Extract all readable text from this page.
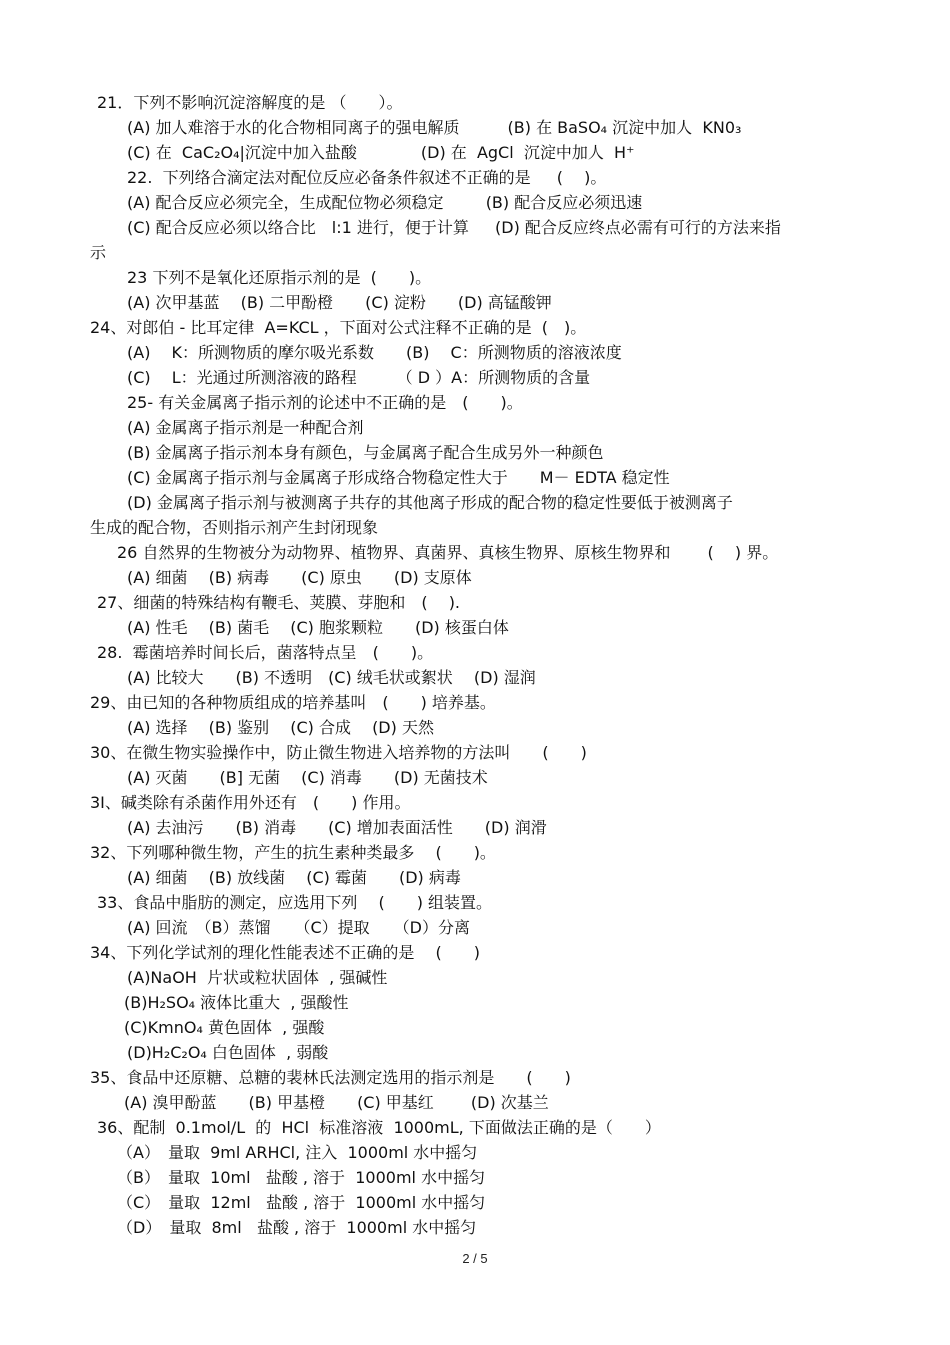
21．下列不影响沉淀溶解度的是 （　　）。
(A) 加人难溶于水的化合物相同离子的强电解质　　　(B) 在 BaSO₄ 沉淀中加人  KN0₃
(C) 在  CaC₂O₄|沉淀中加入盐酸　　　　(D) 在  AgCl  沉淀中加人  H⁺
22.  下列络合滴定法对配位反应必备条件叙述不正确的是　  (　 )。
(A) 配合反应必须完全，生成配位物必须稳定　　  (B) 配合反应必须迅速
(C) 配合反应必须以络合比　l:1 进行，便于计算　  (D) 配合反应终点必需有可行的方法来指
示
23 下列不是氧化还原指示剂的是  (　　)。
(A) 次甲基蓝　 (B) 二甲酚橙　　(C) 淀粉　　(D) 高锰酸钾
24、对郎伯 - 比耳定律  A=KCL ，下面对公式注释不正确的是  (　)。
(A)　 K：所测物质的摩尔吸光系数　　(B)　 C：所测物质的溶液浓度
(C)　 L：光通过所测溶液的路程　　　（ D ）A：所测物质的含量
25- 有关金属离子指示剂的论述中不正确的是　(　　)。
(A) 金属离子指示剂是一种配合剂
(B) 金属离子指示剂本身有颜色，与金属离子配合生成另外一种颜色
(C) 金属离子指示剂与金属离子形成络合物稳定性大于　　M－ EDTA 稳定性
(D) 金属离子指示剂与被测离子共存的其他离子形成的配合物的稳定性要低于被测离子
生成的配合物，否则指示剂产生封闭现象
26 自然界的生物被分为动物界、植物界、真菌界、真核生物界、原核生物界和　　 (　 ) 界。
(A) 细菌　 (B) 病毒　　(C) 原虫　　(D) 支原体
27、细菌的特殊结构有鞭毛、荚膜、芽胞和　(　 ).
(A) 性毛　 (B) 菌毛　 (C) 胞浆颗粒　　(D) 核蛋白体
28.  霉菌培养时间长后，菌落特点呈　(　　)。
(A) 比较大　　(B) 不透明　(C) 绒毛状或絮状　 (D) 湿润
29、由已知的各种物质组成的培养基叫　(　　) 培养基。
(A) 选择　 (B) 鉴别　 (C) 合成　 (D) 天然
30、在微生物实验操作中，防止微生物进入培养物的方法叫　　(　　)
(A) 灭菌　　(B] 无菌　 (C) 消毒　　(D) 无菌技术
3I、碱类除有杀菌作用外还有　(　　) 作用。
(A) 去油污　　(B) 消毒　　(C) 增加表面活性　　(D) 润滑
32、下列哪种微生物，产生的抗生素种类最多　 (　　)。
(A) 细菌　 (B) 放线菌　 (C) 霉菌　　(D) 病毒
33、食品中脂肪的测定，应选用下列　 (　　) 组装置。
(A) 回流　（B）蒸馏　　（C）提取　　（D）分离
34、下列化学试剂的理化性能表述不正确的是　 (　　)
(A)NaOH  片状或粒状固体  , 强碱性
(B)H₂SO₄ 液体比重大  , 强酸性
(C)KmnO₄ 黄色固体  , 强酸
(D)H₂C₂O₄ 白色固体  , 弱酸
35、食品中还原糖、总糖的裴林氏法测定选用的指示剂是　　(　　)
(A) 溴甲酚蓝　　(B) 甲基橙　　(C) 甲基红　　 (D) 次基兰
36、配制  0.1mol/L  的  HCl  标准溶液  1000mL, 下面做法正确的是（　　）
（A）　量取  9ml ARHCl, 注入  1000ml 水中摇匀
（B）　量取  10ml   盐酸 , 溶于  1000ml 水中摇匀
（C）　量取  12ml   盐酸 , 溶于  1000ml 水中摇匀
（D）　量取  8ml   盐酸 , 溶于  1000ml 水中摇匀
2 / 5
